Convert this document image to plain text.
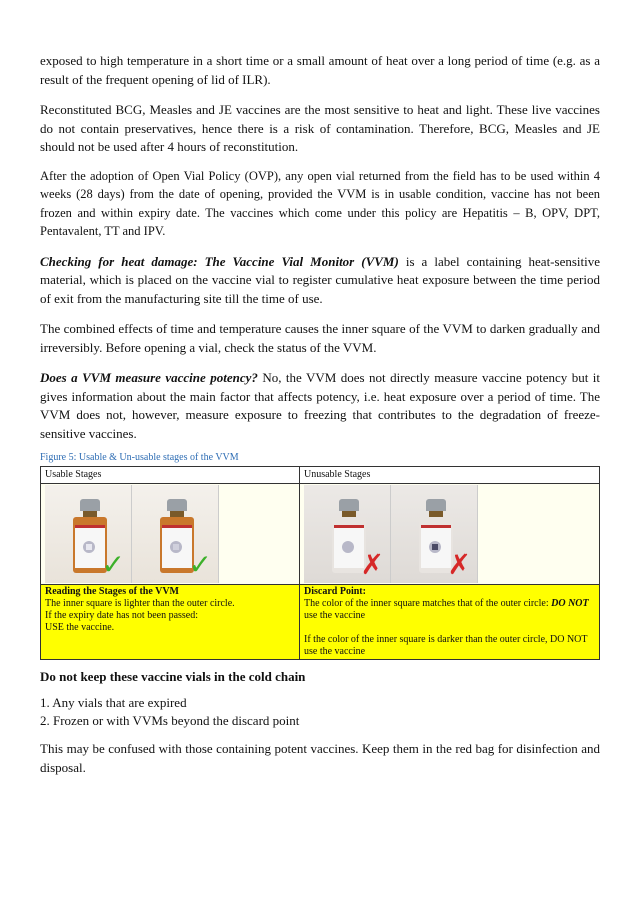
exposed to high temperature in a short time or a small amount of heat over a long period of time (e.g. as a result of the frequent opening of lid of ILR).

Reconstituted BCG, Measles and JE vaccines are the most sensitive to heat and light. These live vaccines do not contain preservatives, hence there is a risk of contamination. Therefore, BCG, Measles and JE should not be used after 4 hours of reconstitution.

After the adoption of Open Vial Policy (OVP), any open vial returned from the field has to be used within 4 weeks (28 days) from the date of opening, provided the VVM is in usable condition, vaccine has not been frozen and within expiry date. The vaccines which come under this policy are Hepatitis – B, OPV, DPT, Pentavalent, TT and IPV.

Checking for heat damage: The Vaccine Vial Monitor (VVM) is a label containing heat-sensitive material, which is placed on the vaccine vial to register cumulative heat exposure between the time period of exit from the manufacturing site till the time of use.

The combined effects of time and temperature causes the inner square of the VVM to darken gradually and irreversibly. Before opening a vial, check the status of the VVM.

Does a VVM measure vaccine potency? No, the VVM does not directly measure vaccine potency but it gives information about the main factor that affects potency, i.e. heat exposure over a period of time. The VVM does not, however, measure exposure to freezing that contributes to the degradation of freeze-sensitive vaccines.

Figure 5: Usable & Un-usable stages of the VVM
Usable Stages	Unusable Stages

✓ ✓	✗ ✗

Reading the Stages of the VVM
The inner square is lighter than the outer circle.
If the expiry date has not been passed:
USE the vaccine.	Discard Point:
The color of the inner square matches that of the outer circle: DO NOT use the vaccine

If the color of the inner square is darker than the outer circle, DO NOT use the vaccine
Do not keep these vaccine vials in the cold chain

1. Any vials that are expired

2. Frozen or with VVMs beyond the discard point

This may be confused with those containing potent vaccines. Keep them in the red bag for disinfection and disposal.
